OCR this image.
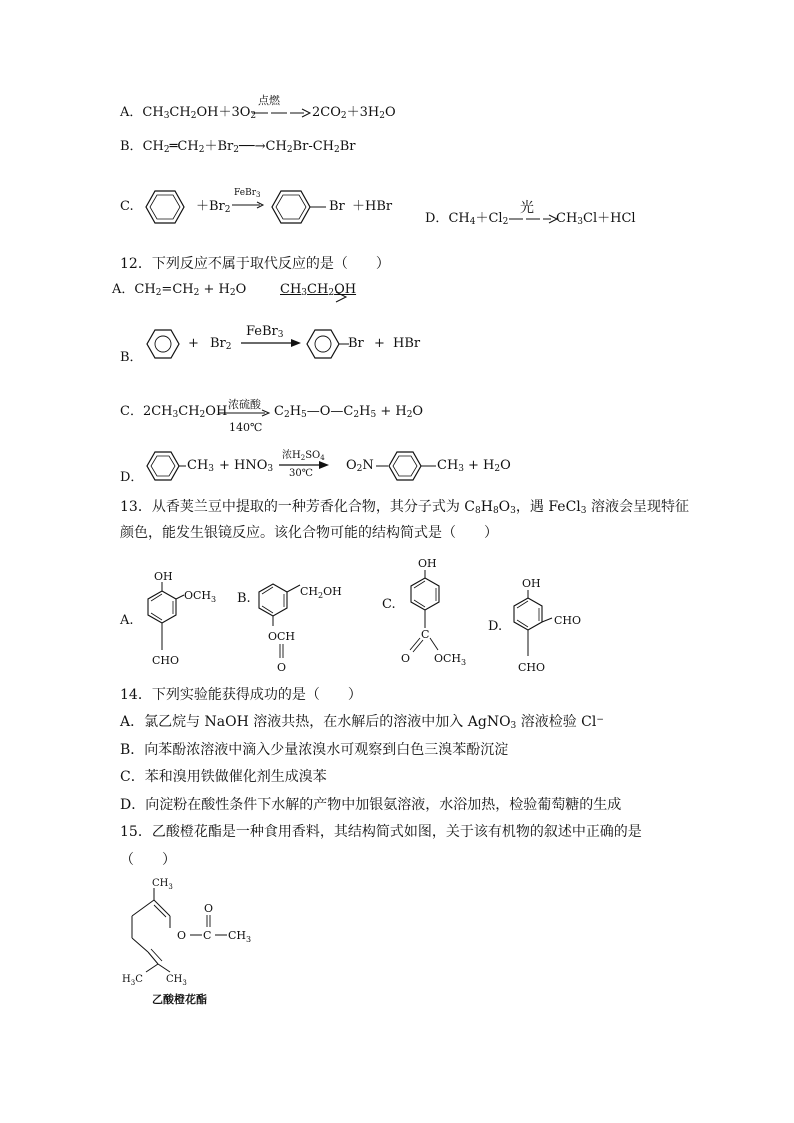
A．$CH_3CH_2OH+3O_2$
点燃
→ $2CO_2+3H_2O$
B．$CH_2═CH_2+Br_2──\to CH_2Br-CH_2Br$
C.	$+Br_2$
FeBr$_3$
Br ＋HBr
D．$CH_4+Cl_2$
光
→ $CH_3Cl+HCl$
12．下列反应不属于取代反应的是（　　）
A．$CH_2=CH_2 + H_2O$	$CH_3CH_2OH$
+ $Br_2$
FeBr$_3$
Br + HBr
B．
C．$2CH_3CH_2OH$ 浓硫酸
140℃
$C_2H_5—O—C_2H_5 + H_2O$
$CH_3 + HNO_3$
浓$H_2SO_4$
30℃
$O_2N$	$CH_3 + H_2O$
D．
13．从香荚兰豆中提取的一种芳香化合物，其分子式为 $C_8H_8O_3$，遇 FeCl$_3$ 溶液会呈现特征
颜色，能发生银镜反应。该化合物可能的结构简式是（　　）
A.
OH
$OCH_3$
CHO
B.	$CH_2OH$
OCH
O
C.
OH
C
O $OCH_3$
D.
OH
CHO
CHO
14．下列实验能获得成功的是（　　）
A．氯乙烷与 NaOH 溶液共热，在水解后的溶液中加入 AgNO$_3$ 溶液检验 Cl−
B．向苯酚浓溶液中滴入少量浓溴水可观察到白色三溴苯酚沉淀
C．苯和溴用铁做催化剂生成溴苯
D．向淀粉在酸性条件下水解的产物中加银氨溶液，水浴加热，检验葡萄糖的生成
15．乙酸橙花酯是一种食用香料，其结构简式如图，关于该有机物的叙述中正确的是
（　　）
$CH_3$
O C
O
$CH_3$
$H_3C$ $CH_3$
乙酸橙花酯
